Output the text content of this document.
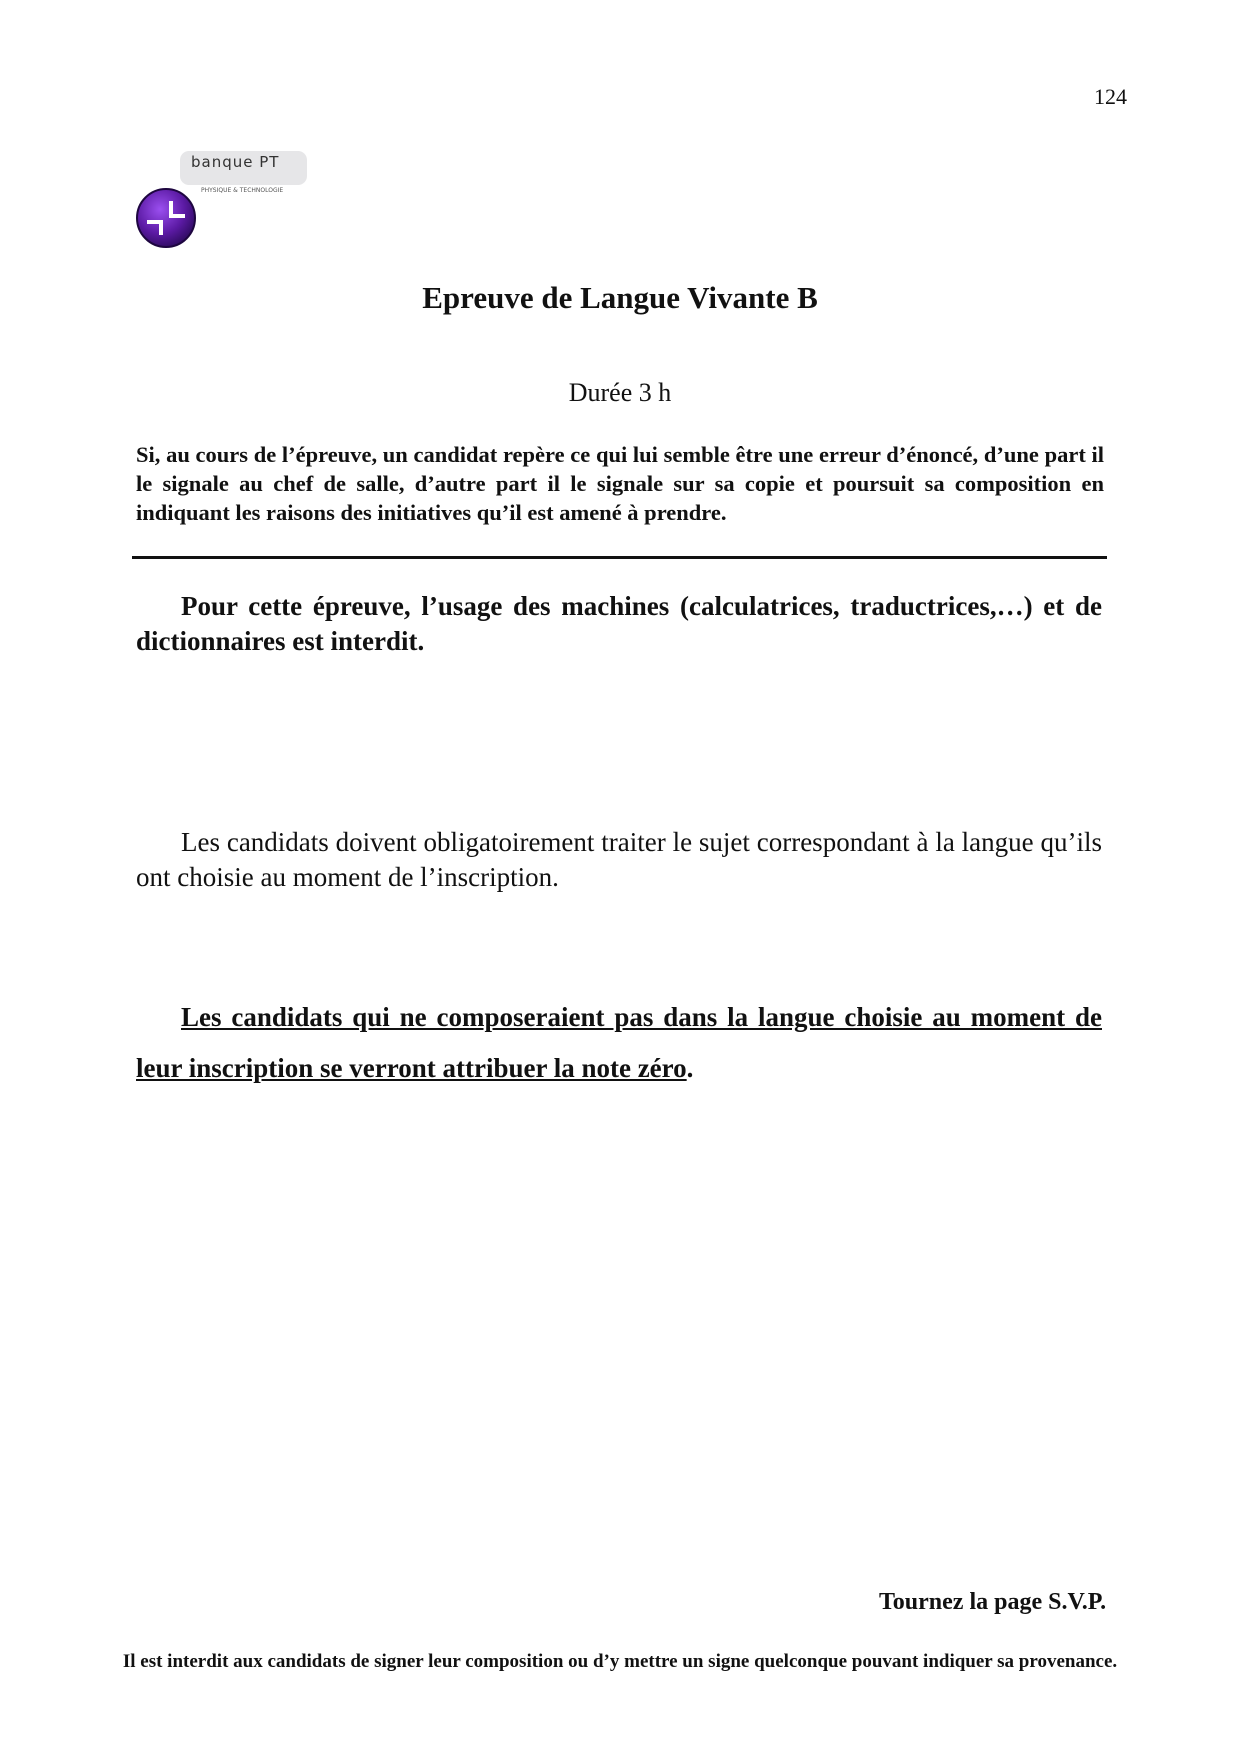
124
banque PT
PHYSIQUE & TECHNOLOGIE
Epreuve de Langue Vivante B
Durée 3 h
Si, au cours de l’épreuve, un candidat repère ce qui lui semble être une erreur d’énoncé, d’une part il le signale au chef de salle, d’autre part il le signale sur sa copie et poursuit sa composition en indiquant les raisons des initiatives qu’il est amené à prendre.
Pour cette épreuve, l’usage des machines (calculatrices, traductrices,…) et de dictionnaires est interdit.
Les candidats doivent obligatoirement traiter le sujet correspondant à la langue qu’ils ont choisie au moment de l’inscription.
Les candidats qui ne composeraient pas dans la langue choisie au moment de leur inscription se verront attribuer la note zéro.
Tournez la page S.V.P.
Il est interdit aux candidats de signer leur composition ou d’y mettre un signe quelconque pouvant indiquer sa provenance.
